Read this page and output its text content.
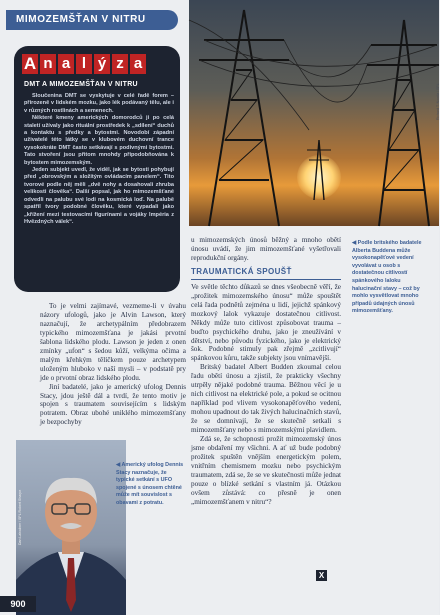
MIMOZEMŠŤAN V NITRU
A n a l ý z a
DMT A MIMOZEMŠŤAN V NITRU

Sloučenina DMT se vyskytuje v celé řadě forem – přirozeně v lidském mozku, jako lék podávaný tělu, ale i v různých rostlinách a semenech.

Některé kmeny amerických domorodců ji po celá staletí užívaly jako rituální prostředek k „sdílení“ duchů a kontaktu s předky a bytostmi. Novodobí západní uživatelé této látky se v klubovém duchovní trance vysokokráte DMT často setkávají s podivnými bytostmi. Tato stvoření jsou přitom mnohdy připodobňována k bytostem mimozemským.

Jeden subjekt uvedl, že viděl, jak se bytosti pohybují před „obrovským a složitým ovládacím panelem“. Tito tvorové podle něj měli „dvě nohy a dosahovali zhruba velikosti člověka“. Další popsal, jak ho mimozemšťané odvedli na palubu své lodi na kosmická loď. Na palubě spatřil tvory podobné člověku, které vypadali jako „křížení mezi testovacími figurínami a vojáky Impéria z Hvězdných válek“.

Richard T. Nowitz / SPL

To je velmi zajímavé, vezmeme-li v úvahu názory ufologů, jako je Alvin Lawson, který naznačují, že archetypálním předobrazem typického mimozemšťana je jakási prvotní šablona lidského plodu. Lawson je jeden z onen zmínky „ufon“ s šedou kůží, velkýma očima a malým křehkým tělíčkem pouze archetypem uloženým hluboko v naší mysli – v podstatě pry jde o prvotní obraz lidského plodu.

Jiní badatelé, jako je americký ufolog Dennis Stacy, jdou ještě dál a tvrdí, že tento motiv je spojen s traumatem souvisejícím s lidským potratem. Obraz ubohé uniklého mimozemšťany je bezpochyby

u mimozemských únosů běžný a mnoho obětí únosu uvádí, že jim mimozemšťané vyšetřovali reprodukční orgány.

TRAUMATICKÁ SPOUŠŤ

Ve světle těchto důkazů se dnes všeobecně věří, že „prožitek mimozemského únosu“ může spouštět celá řada podnětů zejména u lidí, jejichž spánkový mozkový lalok vykazuje dostatečnou citlivost. Někdy může tuto citlivost způsobovat trauma – buďto psychického druhu, jako je zneužívání v dětství, nebo původu fyzického, jako je elektrický šok. Podobné stimuly pak zřejmě „zcitlivují“ spánkovou kůru, takže subjekty jsou vnímavější.

Britský badatel Albert Budden zkoumal celou řadu obětí únosu a zjistil, že prakticky všechny utrpěly nějaké podobné trauma. Běžnou věcí je u nich citlivost na elektrické pole, a pokud se ocitnou například pod vlivem vysokonapěťového vedení, mohou upadnout do tak živých halucinačních stavů, že se domnívají, že se skutečně setkali s mimozemšťany nebo s mimozemskými plavidlem.

Zdá se, že schopnosti prožít mimozemský únos jsme obdaření my všichni. A ať už bude podobný prožitek spuštěn vnějším energetickým polem, vnitřním chemismem mozku nebo psychickým traumatem, zdá se, že se ve skutečnosti může jednat pouze o blízké setkání s vlastním já. Otázkou ovšem zůstává: co přesně je onen „mimozemšťanem v nitru“?

◀ Podle britského badatele Alberta Buddena může vysokonapěťové vedení vyvolávat u osob s dostatečnou citlivostí spánkového laloku halucinační stavy – což by mohlo vysvětlovat mnoho případů údajných únosů mimozemšťany.
Dan Lahodner / SPL Robert Sharpe
◀ Americký ufolog Dennis Stacy naznačuje, že typické setkání s UFO spojené s únosem chtěné může mít souvislost s obavami z potratu.
X
900
